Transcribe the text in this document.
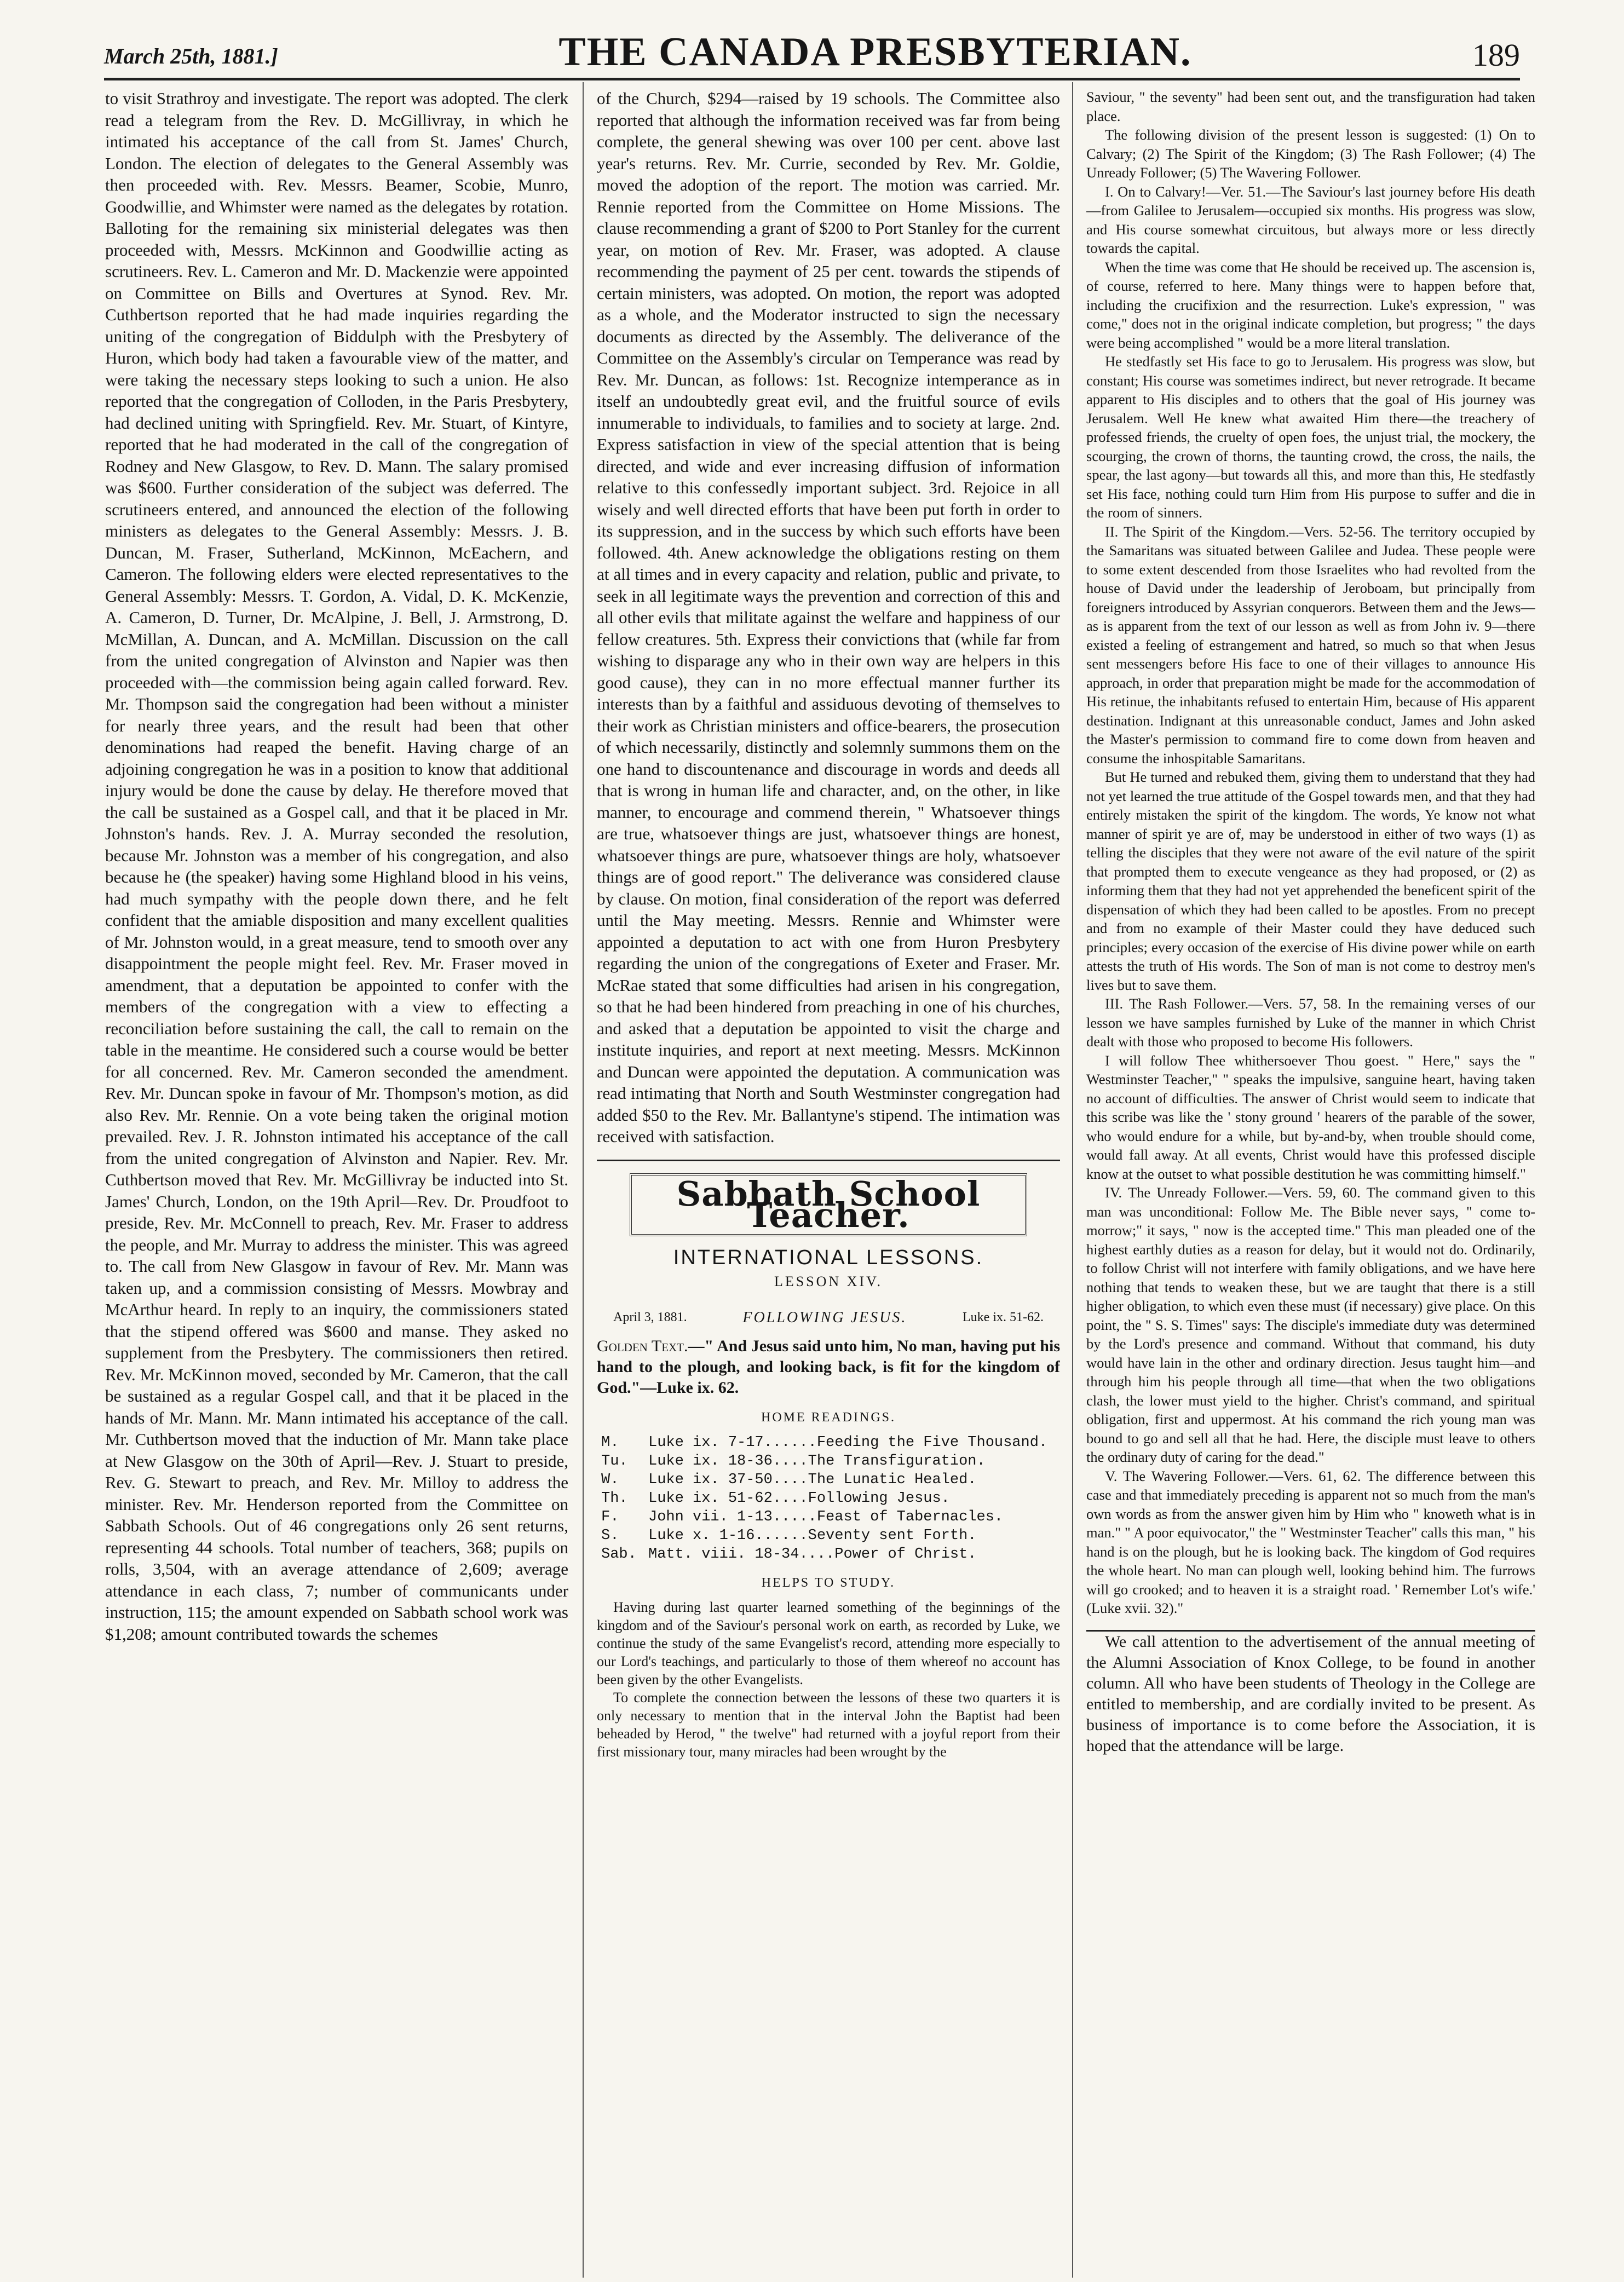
March 25th, 1881.]	THE CANADA PRESBYTERIAN.	189

to visit Strathroy and investigate. The report was adopted. The clerk read a telegram from the Rev. D. McGillivray, in which he intimated his acceptance of the call from St. James' Church, London. The election of delegates to the General Assembly was then proceeded with. Rev. Messrs. Beamer, Scobie, Munro, Goodwillie, and Whimster were named as the delegates by rotation. Balloting for the remaining six ministerial delegates was then proceeded with, Messrs. McKinnon and Goodwillie acting as scrutineers. Rev. L. Cameron and Mr. D. Mackenzie were appointed on Committee on Bills and Overtures at Synod. Rev. Mr. Cuthbertson reported that he had made inquiries regarding the uniting of the congregation of Biddulph with the Presbytery of Huron, which body had taken a favourable view of the matter, and were taking the necessary steps looking to such a union. He also reported that the congregation of Colloden, in the Paris Presbytery, had declined uniting with Springfield. Rev. Mr. Stuart, of Kintyre, reported that he had moderated in the call of the congregation of Rodney and New Glasgow, to Rev. D. Mann. The salary promised was $600. Further consideration of the subject was deferred. The scrutineers entered, and announced the election of the following ministers as delegates to the General Assembly: Messrs. J. B. Duncan, M. Fraser, Sutherland, McKinnon, McEachern, and Cameron. The following elders were elected representatives to the General Assembly: Messrs. T. Gordon, A. Vidal, D. K. McKenzie, A. Cameron, D. Turner, Dr. McAlpine, J. Bell, J. Armstrong, D. McMillan, A. Duncan, and A. McMillan. Discussion on the call from the united congregation of Alvinston and Napier was then proceeded with—the commission being again called forward. Rev. Mr. Thompson said the congregation had been without a minister for nearly three years, and the result had been that other denominations had reaped the benefit. Having charge of an adjoining congregation he was in a position to know that additional injury would be done the cause by delay. He therefore moved that the call be sustained as a Gospel call, and that it be placed in Mr. Johnston's hands. Rev. J. A. Murray seconded the resolution, because Mr. Johnston was a member of his congregation, and also because he (the speaker) having some Highland blood in his veins, had much sympathy with the people down there, and he felt confident that the amiable disposition and many excellent qualities of Mr. Johnston would, in a great measure, tend to smooth over any disappointment the people might feel. Rev. Mr. Fraser moved in amendment, that a deputation be appointed to confer with the members of the congregation with a view to effecting a reconciliation before sustaining the call, the call to remain on the table in the meantime. He considered such a course would be better for all concerned. Rev. Mr. Cameron seconded the amendment. Rev. Mr. Duncan spoke in favour of Mr. Thompson's motion, as did also Rev. Mr. Rennie. On a vote being taken the original motion prevailed. Rev. J. R. Johnston intimated his acceptance of the call from the united congregation of Alvinston and Napier. Rev. Mr. Cuthbertson moved that Rev. Mr. McGillivray be inducted into St. James' Church, London, on the 19th April—Rev. Dr. Proudfoot to preside, Rev. Mr. McConnell to preach, Rev. Mr. Fraser to address the people, and Mr. Murray to address the minister. This was agreed to. The call from New Glasgow in favour of Rev. Mr. Mann was taken up, and a commission consisting of Messrs. Mowbray and McArthur heard. In reply to an inquiry, the commissioners stated that the stipend offered was $600 and manse. They asked no supplement from the Presbytery. The commissioners then retired. Rev. Mr. McKinnon moved, seconded by Mr. Cameron, that the call be sustained as a regular Gospel call, and that it be placed in the hands of Mr. Mann. Mr. Mann intimated his acceptance of the call. Mr. Cuthbertson moved that the induction of Mr. Mann take place at New Glasgow on the 30th of April—Rev. J. Stuart to preside, Rev. G. Stewart to preach, and Rev. Mr. Milloy to address the minister. Rev. Mr. Henderson reported from the Committee on Sabbath Schools. Out of 46 congregations only 26 sent returns, representing 44 schools. Total number of teachers, 368; pupils on rolls, 3,504, with an average attendance of 2,609; average attendance in each class, 7; number of communicants under instruction, 115; the amount expended on Sabbath school work was $1,208; amount contributed towards the schemes

of the Church, $294—raised by 19 schools. The Committee also reported that although the information received was far from being complete, the general shewing was over 100 per cent. above last year's returns. Rev. Mr. Currie, seconded by Rev. Mr. Goldie, moved the adoption of the report. The motion was carried. Mr. Rennie reported from the Committee on Home Missions. The clause recommending a grant of $200 to Port Stanley for the current year, on motion of Rev. Mr. Fraser, was adopted. A clause recommending the payment of 25 per cent. towards the stipends of certain ministers, was adopted. On motion, the report was adopted as a whole, and the Moderator instructed to sign the necessary documents as directed by the Assembly. The deliverance of the Committee on the Assembly's circular on Temperance was read by Rev. Mr. Duncan, as follows: 1st. Recognize intemperance as in itself an undoubtedly great evil, and the fruitful source of evils innumerable to individuals, to families and to society at large. 2nd. Express satisfaction in view of the special attention that is being directed, and wide and ever increasing diffusion of information relative to this confessedly important subject. 3rd. Rejoice in all wisely and well directed efforts that have been put forth in order to its suppression, and in the success by which such efforts have been followed. 4th. Anew acknowledge the obligations resting on them at all times and in every capacity and relation, public and private, to seek in all legitimate ways the prevention and correction of this and all other evils that militate against the welfare and happiness of our fellow creatures. 5th. Express their convictions that (while far from wishing to disparage any who in their own way are helpers in this good cause), they can in no more effectual manner further its interests than by a faithful and assiduous devoting of themselves to their work as Christian ministers and office-bearers, the prosecution of which necessarily, distinctly and solemnly summons them on the one hand to discountenance and discourage in words and deeds all that is wrong in human life and character, and, on the other, in like manner, to encourage and commend therein, " Whatsoever things are true, whatsoever things are just, whatsoever things are honest, whatsoever things are pure, whatsoever things are holy, whatsoever things are of good report." The deliverance was considered clause by clause. On motion, final consideration of the report was deferred until the May meeting. Messrs. Rennie and Whimster were appointed a deputation to act with one from Huron Presbytery regarding the union of the congregations of Exeter and Fraser. Mr. McRae stated that some difficulties had arisen in his congregation, so that he had been hindered from preaching in one of his churches, and asked that a deputation be appointed to visit the charge and institute inquiries, and report at next meeting. Messrs. McKinnon and Duncan were appointed the deputation. A communication was read intimating that North and South Westminster congregation had added $50 to the Rev. Mr. Ballantyne's stipend. The intimation was received with satisfaction.

Sabbath School Teacher.
INTERNATIONAL LESSONS.
LESSON XIV.
April 3, 1881.	FOLLOWING JESUS.	Luke ix. 51-62.
Golden Text.—" And Jesus said unto him, No man, having put his hand to the plough, and looking back, is fit for the kingdom of God."—Luke ix. 62.
HOME READINGS.
M.	Luke ix. 7-17......Feeding the Five Thousand.
Tu.	Luke ix. 18-36....The Transfiguration.
W.	Luke ix. 37-50....The Lunatic Healed.
Th.	Luke ix. 51-62....Following Jesus.
F.	John vii. 1-13.....Feast of Tabernacles.
S.	Luke x. 1-16......Seventy sent Forth.
Sab. Matt. viii. 18-34....Power of Christ.
HELPS TO STUDY.

Having during last quarter learned something of the beginnings of the kingdom and of the Saviour's personal work on earth, as recorded by Luke, we continue the study of the same Evangelist's record, attending more especially to our Lord's teachings, and particularly to those of them whereof no account has been given by the other Evangelists.

To complete the connection between the lessons of these two quarters it is only necessary to mention that in the interval John the Baptist had been beheaded by Herod, " the twelve" had returned with a joyful report from their first missionary tour, many miracles had been wrought by the

Saviour, " the seventy" had been sent out, and the transfiguration had taken place.

The following division of the present lesson is suggested: (1) On to Calvary; (2) The Spirit of the Kingdom; (3) The Rash Follower; (4) The Unready Follower; (5) The Wavering Follower.

I. On to Calvary!—Ver. 51.—The Saviour's last journey before His death—from Galilee to Jerusalem—occupied six months. His progress was slow, and His course somewhat circuitous, but always more or less directly towards the capital.

When the time was come that He should be received up. The ascension is, of course, referred to here. Many things were to happen before that, including the crucifixion and the resurrection. Luke's expression, " was come," does not in the original indicate completion, but progress; " the days were being accomplished " would be a more literal translation.

He stedfastly set His face to go to Jerusalem. His progress was slow, but constant; His course was sometimes indirect, but never retrograde. It became apparent to His disciples and to others that the goal of His journey was Jerusalem. Well He knew what awaited Him there—the treachery of professed friends, the cruelty of open foes, the unjust trial, the mockery, the scourging, the crown of thorns, the taunting crowd, the cross, the nails, the spear, the last agony—but towards all this, and more than this, He stedfastly set His face, nothing could turn Him from His purpose to suffer and die in the room of sinners.

II. The Spirit of the Kingdom.—Vers. 52-56. The territory occupied by the Samaritans was situated between Galilee and Judea. These people were to some extent descended from those Israelites who had revolted from the house of David under the leadership of Jeroboam, but principally from foreigners introduced by Assyrian conquerors. Between them and the Jews—as is apparent from the text of our lesson as well as from John iv. 9—there existed a feeling of estrangement and hatred, so much so that when Jesus sent messengers before His face to one of their villages to announce His approach, in order that preparation might be made for the accommodation of His retinue, the inhabitants refused to entertain Him, because of His apparent destination. Indignant at this unreasonable conduct, James and John asked the Master's permission to command fire to come down from heaven and consume the inhospitable Samaritans.

But He turned and rebuked them, giving them to understand that they had not yet learned the true attitude of the Gospel towards men, and that they had entirely mistaken the spirit of the kingdom. The words, Ye know not what manner of spirit ye are of, may be understood in either of two ways (1) as telling the disciples that they were not aware of the evil nature of the spirit that prompted them to execute vengeance as they had proposed, or (2) as informing them that they had not yet apprehended the beneficent spirit of the dispensation of which they had been called to be apostles. From no precept and from no example of their Master could they have deduced such principles; every occasion of the exercise of His divine power while on earth attests the truth of His words. The Son of man is not come to destroy men's lives but to save them.

III. The Rash Follower.—Vers. 57, 58. In the remaining verses of our lesson we have samples furnished by Luke of the manner in which Christ dealt with those who proposed to become His followers.

I will follow Thee whithersoever Thou goest. " Here," says the " Westminster Teacher," " speaks the impulsive, sanguine heart, having taken no account of difficulties. The answer of Christ would seem to indicate that this scribe was like the ' stony ground ' hearers of the parable of the sower, who would endure for a while, but by-and-by, when trouble should come, would fall away. At all events, Christ would have this professed disciple know at the outset to what possible destitution he was committing himself."

IV. The Unready Follower.—Vers. 59, 60. The command given to this man was unconditional: Follow Me. The Bible never says, " come to-morrow;" it says, " now is the accepted time." This man pleaded one of the highest earthly duties as a reason for delay, but it would not do. Ordinarily, to follow Christ will not interfere with family obligations, and we have here nothing that tends to weaken these, but we are taught that there is a still higher obligation, to which even these must (if necessary) give place. On this point, the " S. S. Times" says: The disciple's immediate duty was determined by the Lord's presence and command. Without that command, his duty would have lain in the other and ordinary direction. Jesus taught him—and through him his people through all time—that when the two obligations clash, the lower must yield to the higher. Christ's command, and spiritual obligation, first and uppermost. At his command the rich young man was bound to go and sell all that he had. Here, the disciple must leave to others the ordinary duty of caring for the dead."

V. The Wavering Follower.—Vers. 61, 62. The difference between this case and that immediately preceding is apparent not so much from the man's own words as from the answer given him by Him who " knoweth what is in man." " A poor equivocator," the " Westminster Teacher" calls this man, " his hand is on the plough, but he is looking back. The kingdom of God requires the whole heart. No man can plough well, looking behind him. The furrows will go crooked; and to heaven it is a straight road. ' Remember Lot's wife.' (Luke xvii. 32)."

We call attention to the advertisement of the annual meeting of the Alumni Association of Knox College, to be found in another column. All who have been students of Theology in the College are entitled to membership, and are cordially invited to be present. As business of importance is to come before the Association, it is hoped that the attendance will be large.
